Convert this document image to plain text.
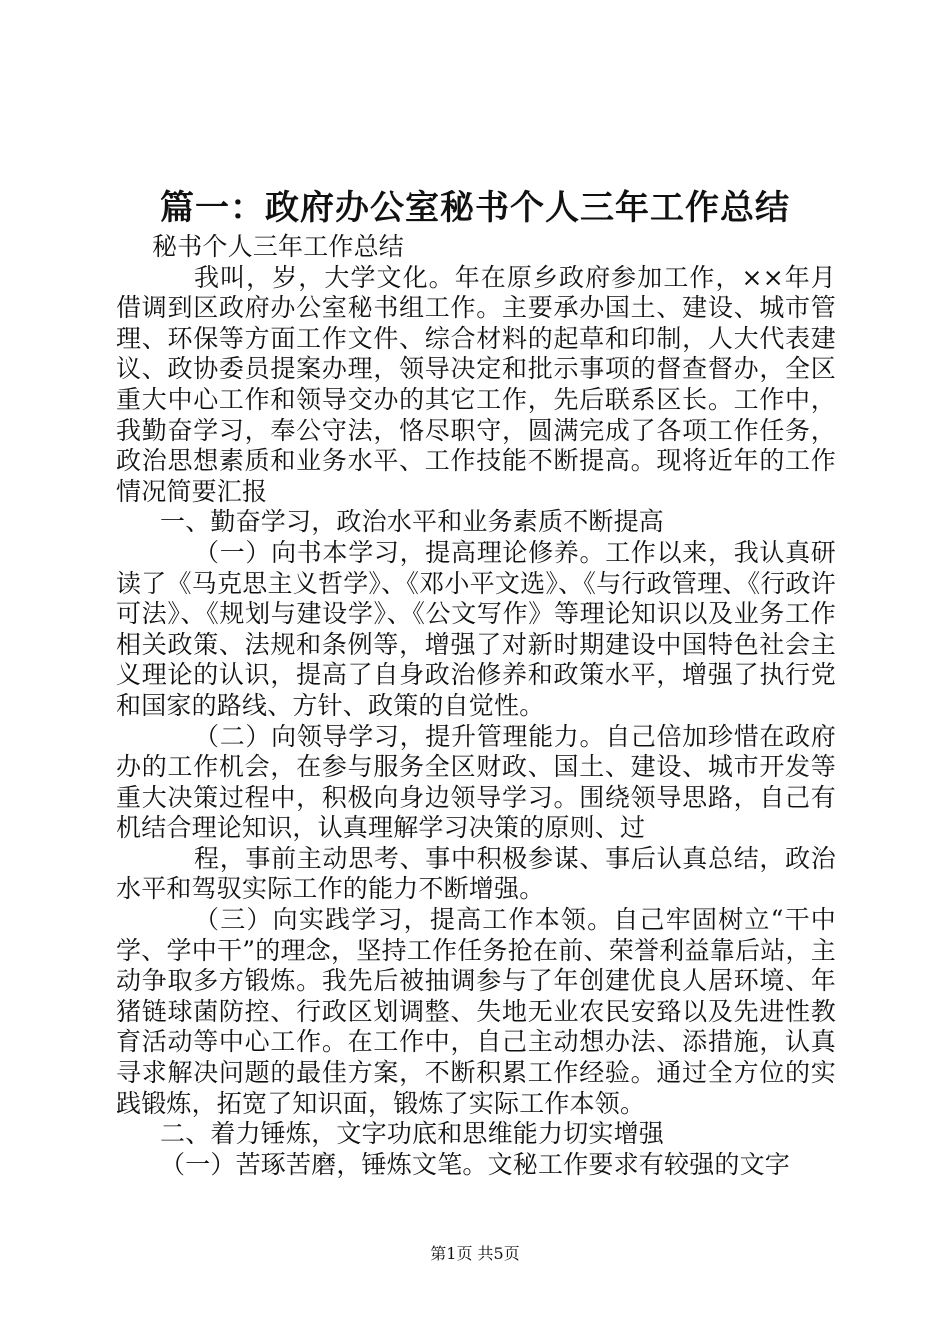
篇一：政府办公室秘书个人三年工作总结

秘书个人三年工作总结

我叫，岁，大学文化。年在原乡政府参加工作，××年月借调到区政府办公室秘书组工作。主要承办国土、建设、城市管理、环保等方面工作文件、综合材料的起草和印制，人大代表建议、政协委员提案办理，领导决定和批示事项的督查督办，全区重大中心工作和领导交办的其它工作，先后联系区长。工作中，我勤奋学习，奉公守法，恪尽职守，圆满完成了各项工作任务，政治思想素质和业务水平、工作技能不断提高。现将近年的工作情况简要汇报

一、勤奋学习，政治水平和业务素质不断提高

（一）向书本学习，提高理论修养。工作以来，我认真研读了《马克思主义哲学》、《邓小平文选》、《与行政管理、《行政许可法》、《规划与建设学》、《公文写作》等理论知识以及业务工作相关政策、法规和条例等，增强了对新时期建设中国特色社会主义理论的认识，提高了自身政治修养和政策水平，增强了执行党和国家的路线、方针、政策的自觉性。

（二）向领导学习，提升管理能力。自己倍加珍惜在政府办的工作机会，在参与服务全区财政、国土、建设、城市开发等重大决策过程中，积极向身边领导学习。围绕领导思路，自己有机结合理论知识，认真理解学习决策的原则、过

程，事前主动思考、事中积极参谋、事后认真总结，政治水平和驾驭实际工作的能力不断增强。

（三）向实践学习，提高工作本领。自己牢固树立“干中学、学中干”的理念，坚持工作任务抢在前、荣誉利益靠后站，主动争取多方锻炼。我先后被抽调参与了年创建优良人居环境、年猪链球菌防控、行政区划调整、失地无业农民安臵以及先进性教育活动等中心工作。在工作中，自己主动想办法、添措施，认真寻求解决问题的最佳方案，不断积累工作经验。通过全方位的实践锻炼，拓宽了知识面，锻炼了实际工作本领。

二、着力锤炼，文字功底和思维能力切实增强

（一）苦琢苦磨，锤炼文笔。文秘工作要求有较强的文字

第1页 共5页
